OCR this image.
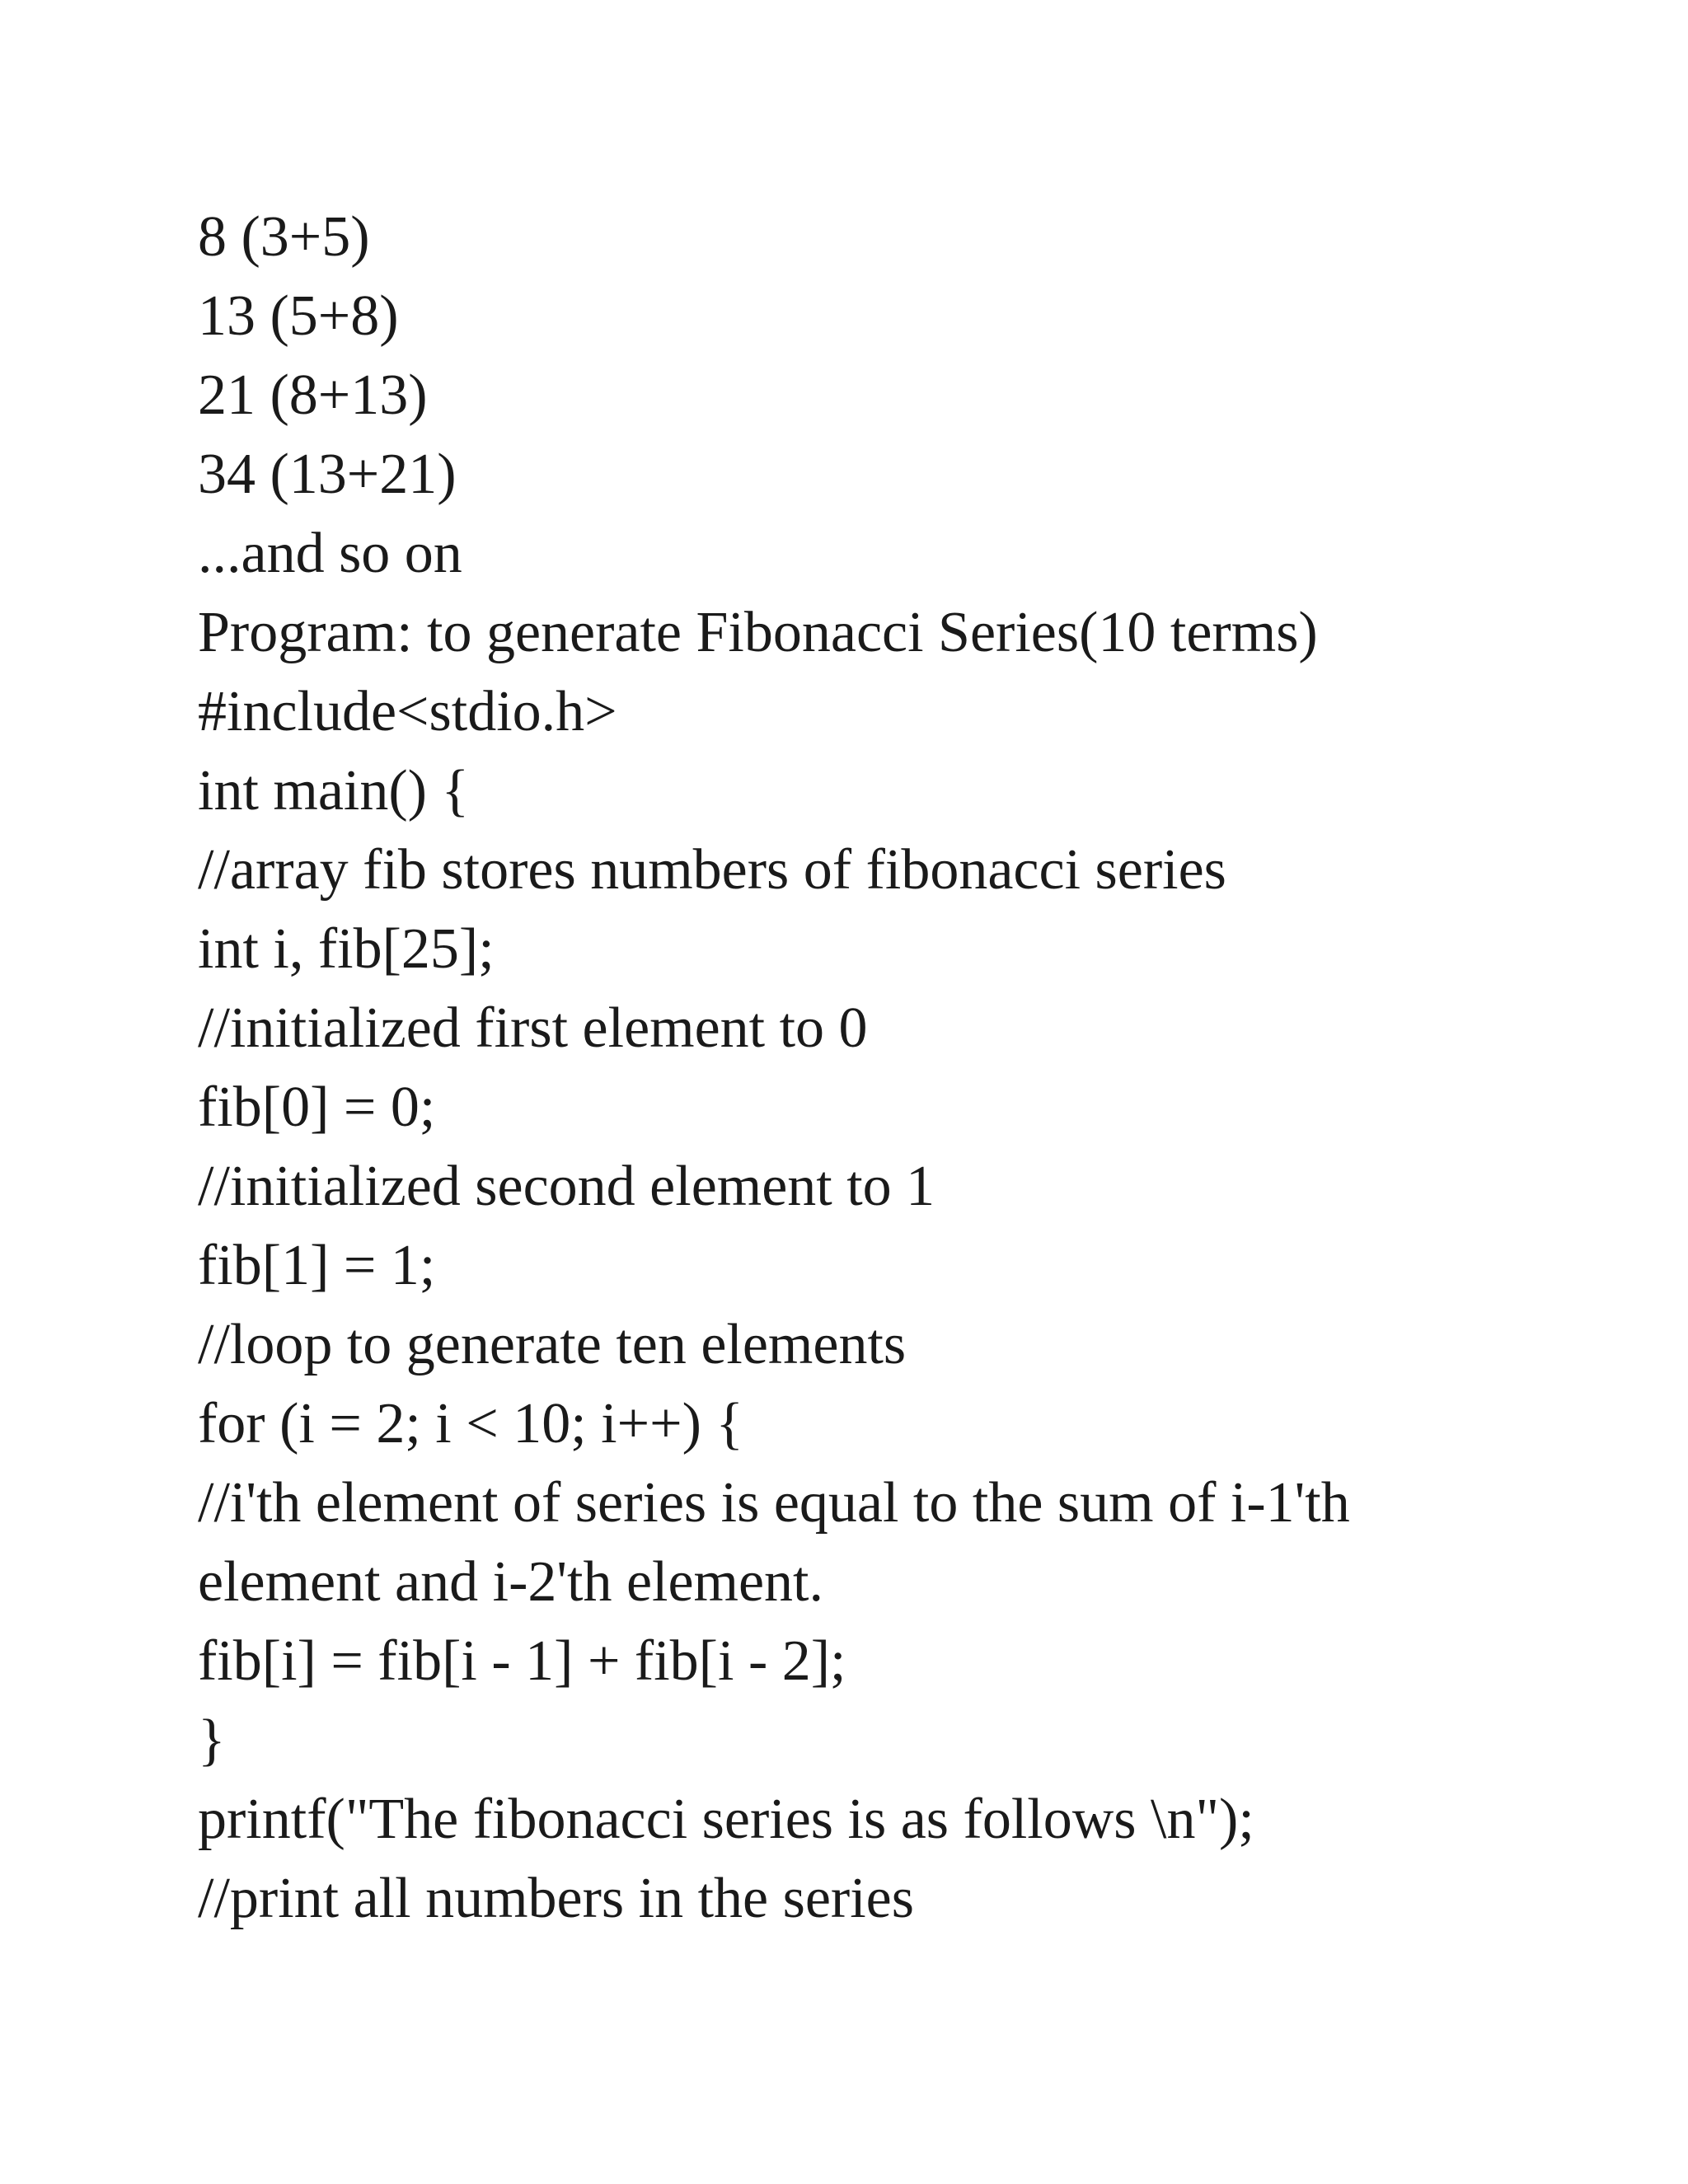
8 (3+5)

13 (5+8)

21 (8+13)

34 (13+21)

...and so on

Program: to generate Fibonacci Series(10 terms)

#include<stdio.h>

int main() {

//array fib stores numbers of fibonacci series

int i, fib[25];

//initialized first element to 0

fib[0] = 0;

//initialized second element to 1

fib[1] = 1;

//loop to generate ten elements

for (i = 2; i < 10; i++) {

//i'th element of series is equal to the sum of i-1'th

element and i-2'th element.

fib[i] = fib[i - 1] + fib[i - 2];

}

printf("The fibonacci series is as follows \n");

//print all numbers in the series
